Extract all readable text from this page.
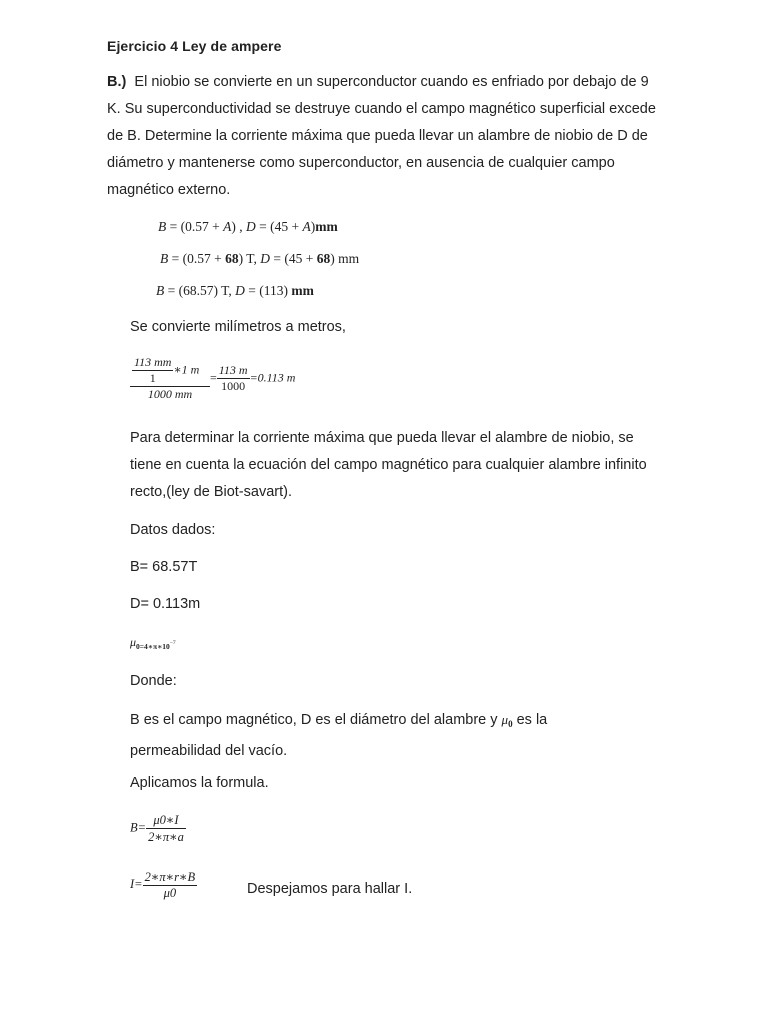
Ejercicio 4 Ley de ampere
B.) El niobio se convierte en un superconductor cuando es enfriado por debajo de 9 K. Su superconductividad se destruye cuando el campo magnético superficial excede de B. Determine la corriente máxima que pueda llevar un alambre de niobio de D de diámetro y mantenerse como superconductor, en ausencia de cualquier campo magnético externo.
B = (0.57 + A) , D = (45 + A)mm
B = (0.57 + 68) T, D = (45 + 68) mm
B = (68.57) T, D = (113) mm
Se convierte milímetros a metros,
$\frac{\frac{113 mm}{1} ∗1 m}{1000 mm} = \frac{113 m}{1000} =0.113$ m
Para determinar la corriente máxima que pueda llevar el alambre de niobio, se tiene en cuenta la ecuación del campo magnético para cualquier alambre infinito recto,(ley de Biot-savart).
Datos dados:
B= 68.57T
D= 0.113m
$\mu_{0=4∗\pi∗10}-7$
Donde:
B es el campo magnético, D es el diámetro del alambre y $\mu_0$ es la permeabilidad del vacío.
Aplicamos la formula.
$B= \frac{\mu 0∗I}{2∗\pi∗a}$
$I= \frac{2∗\pi∗r∗B}{\mu 0}$	Despejamos para hallar I.
